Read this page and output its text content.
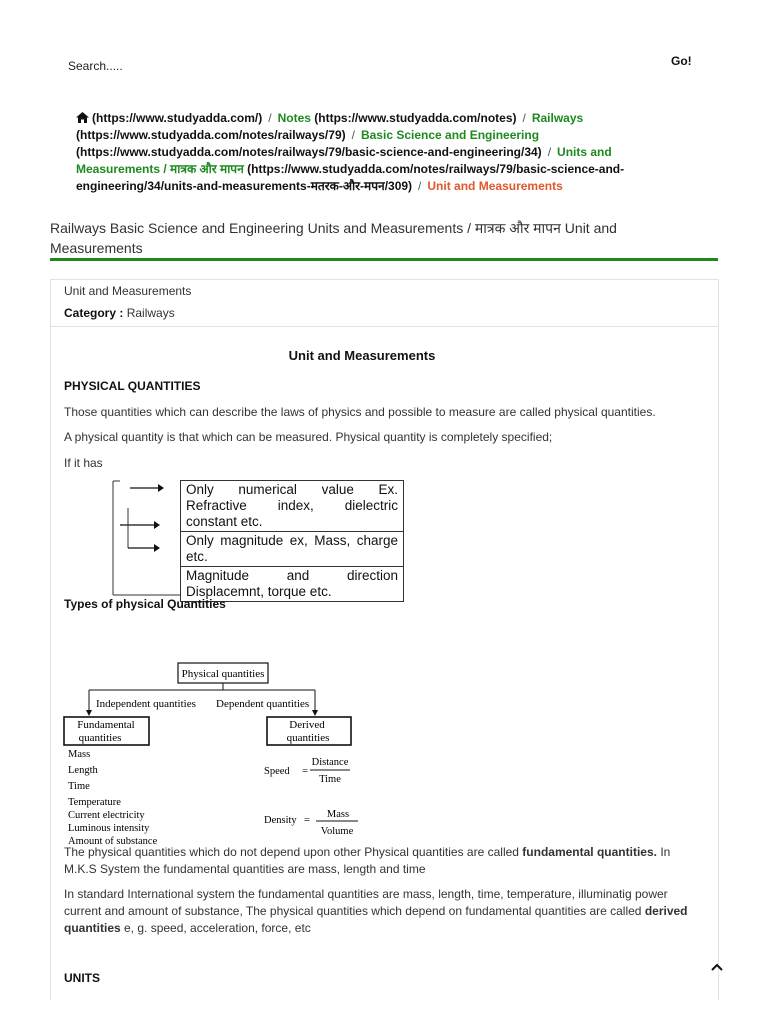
Search.....	Go!
(https://www.studyadda.com/) / Notes (https://www.studyadda.com/notes) / Railways
(https://www.studyadda.com/notes/railways/79) / Basic Science and Engineering
(https://www.studyadda.com/notes/railways/79/basic-science-and-engineering/34) / Units and Measurements / मात्रक और मापन (https://www.studyadda.com/notes/railways/79/basic-science-and-engineering/34/units-and-measurements-मतरक-और-मपन/309) / Unit and Measurements
Railways Basic Science and Engineering Units and Measurements / मात्रक और मापन Unit and Measurements
Unit and Measurements
Category : Railways
Unit and Measurements
PHYSICAL QUANTITIES
Those quantities which can describe the laws of physics and possible to measure are called physical quantities.
A physical quantity is that which can be measured. Physical quantity is completely specified;
If it has
Only numerical value Ex. Refractive index, dielectric constant etc.
Only magnitude ex, Mass, charge etc.
Magnitude and direction Displacemnt, torque etc.
Types of physical Quantities
Physical quantities
Independent quantities Dependent quantities
Fundamental
quantities
Derived
quantities
Mass
Length
Time
Temperature
Current electricity
Luminous intensity
Amount of substance
Speed =
Distance
Time
Density =
Mass
Volume
The physical quantities which do not depend upon other Physical quantities are called fundamental quantities. In M.K.S System the fundamental quantities are mass, length and time
In standard International system the fundamental quantities are mass, length, time, temperature, illuminatig power current and amount of substance, The physical quantities which depend on fundamental quantities are called derived quantities e, g. speed, acceleration, force, etc
UNITS
